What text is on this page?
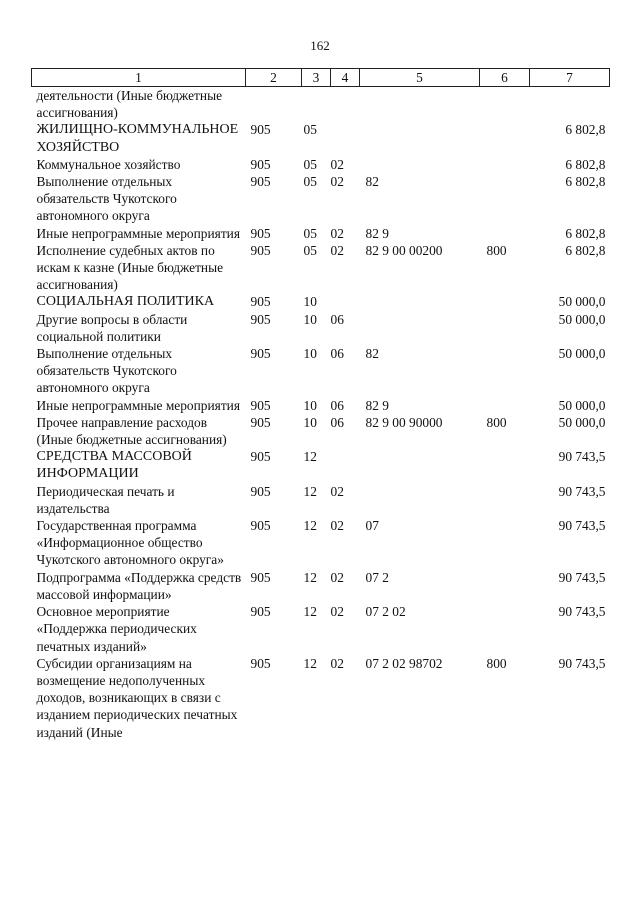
162
1	2	3	4	5	6	7
деятельности (Иные бюджетные ассигнования)						
ЖИЛИЩНО-КОММУНАЛЬНОЕ ХОЗЯЙСТВО	905	05				6 802,8
Коммунальное хозяйство	905	05	02			6 802,8
Выполнение отдельных обязательств Чукотского автономного округа	905	05	02	82		6 802,8
Иные непрограммные мероприятия	905	05	02	82 9		6 802,8
Исполнение судебных актов по искам к казне (Иные бюджетные ассигнования)	905	05	02	82 9 00 00200	800	6 802,8
СОЦИАЛЬНАЯ ПОЛИТИКА	905	10				50 000,0
Другие вопросы в области социальной политики	905	10	06			50 000,0
Выполнение отдельных обязательств Чукотского автономного округа	905	10	06	82		50 000,0
Иные непрограммные мероприятия	905	10	06	82 9		50 000,0
Прочее направление расходов (Иные бюджетные ассигнования)	905	10	06	82 9 00 90000	800	50 000,0
СРЕДСТВА МАССОВОЙ ИНФОРМАЦИИ	905	12				90 743,5
Периодическая печать и издательства	905	12	02			90 743,5
Государственная программа «Информационное общество Чукотского автономного округа»	905	12	02	07		90 743,5
Подпрограмма «Поддержка средств массовой информации»	905	12	02	07 2		90 743,5
Основное мероприятие «Поддержка периодических печатных изданий»	905	12	02	07 2 02		90 743,5
Субсидии организациям на возмещение недополученных доходов, возникающих в связи с изданием периодических печатных изданий (Иные	905	12	02	07 2 02 98702	800	90 743,5
